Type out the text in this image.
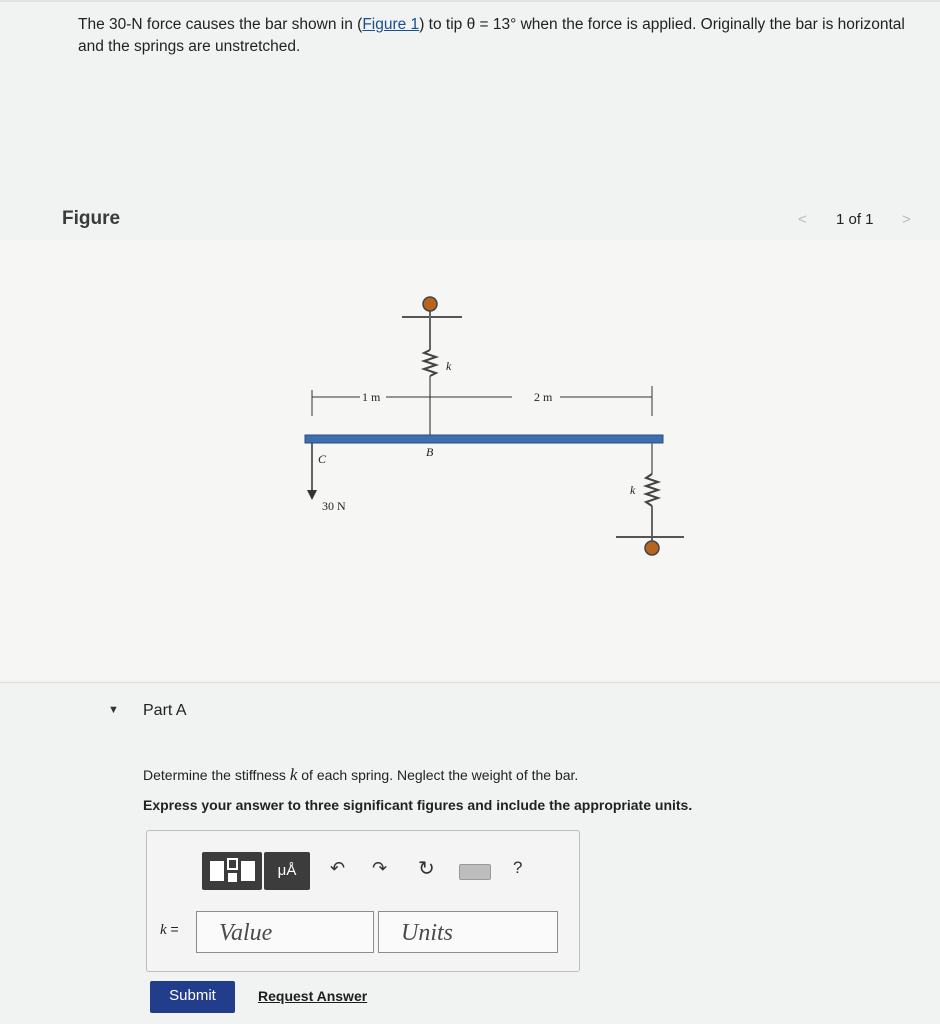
The 30-N force causes the bar shown in (Figure 1) to tip θ = 13° when the force is applied. Originally the bar is horizontal and the springs are unstretched.
Figure	< 1 of 1 >
k
1 m	2 m
C	B
30 N
k
▼ Part A
Determine the stiffness k of each spring. Neglect the weight of the bar.
Express your answer to three significant figures and include the appropriate units.
μÅ	↶ ↷ ↻	?
k =	Value	Units
Submit	Request Answer
